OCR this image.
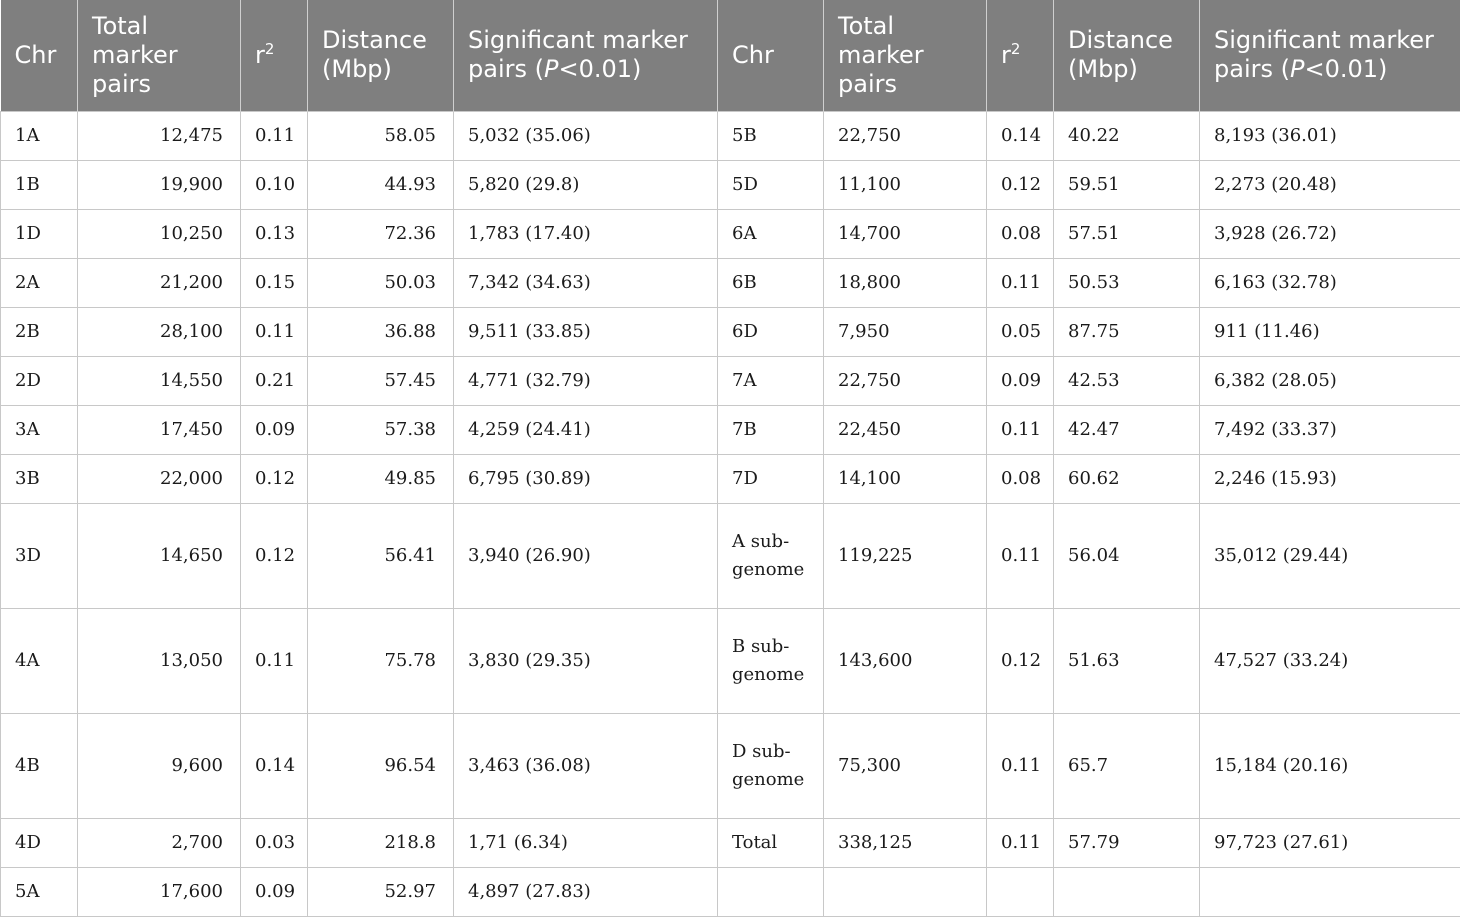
Chr	Total marker pairs	$r^2$	Distance (Mbp)	Significant marker pairs (P<0.01)	Chr	Total marker pairs	$r^2$	Distance (Mbp)	Significant marker pairs (P<0.01)
1A	12,475	0.11	58.05	5,032 (35.06)	5B	22,750	0.14	40.22	8,193 (36.01)
1B	19,900	0.10	44.93	5,820 (29.8)	5D	11,100	0.12	59.51	2,273 (20.48)
1D	10,250	0.13	72.36	1,783 (17.40)	6A	14,700	0.08	57.51	3,928 (26.72)
2A	21,200	0.15	50.03	7,342 (34.63)	6B	18,800	0.11	50.53	6,163 (32.78)
2B	28,100	0.11	36.88	9,511 (33.85)	6D	7,950	0.05	87.75	911 (11.46)
2D	14,550	0.21	57.45	4,771 (32.79)	7A	22,750	0.09	42.53	6,382 (28.05)
3A	17,450	0.09	57.38	4,259 (24.41)	7B	22,450	0.11	42.47	7,492 (33.37)
3B	22,000	0.12	49.85	6,795 (30.89)	7D	14,100	0.08	60.62	2,246 (15.93)
3D	14,650	0.12	56.41	3,940 (26.90)	A sub-genome	119,225	0.11	56.04	35,012 (29.44)
4A	13,050	0.11	75.78	3,830 (29.35)	B sub-genome	143,600	0.12	51.63	47,527 (33.24)
4B	9,600	0.14	96.54	3,463 (36.08)	D sub-genome	75,300	0.11	65.7	15,184 (20.16)
4D	2,700	0.03	218.8	1,71 (6.34)	Total	338,125	0.11	57.79	97,723 (27.61)
5A	17,600	0.09	52.97	4,897 (27.83)					
